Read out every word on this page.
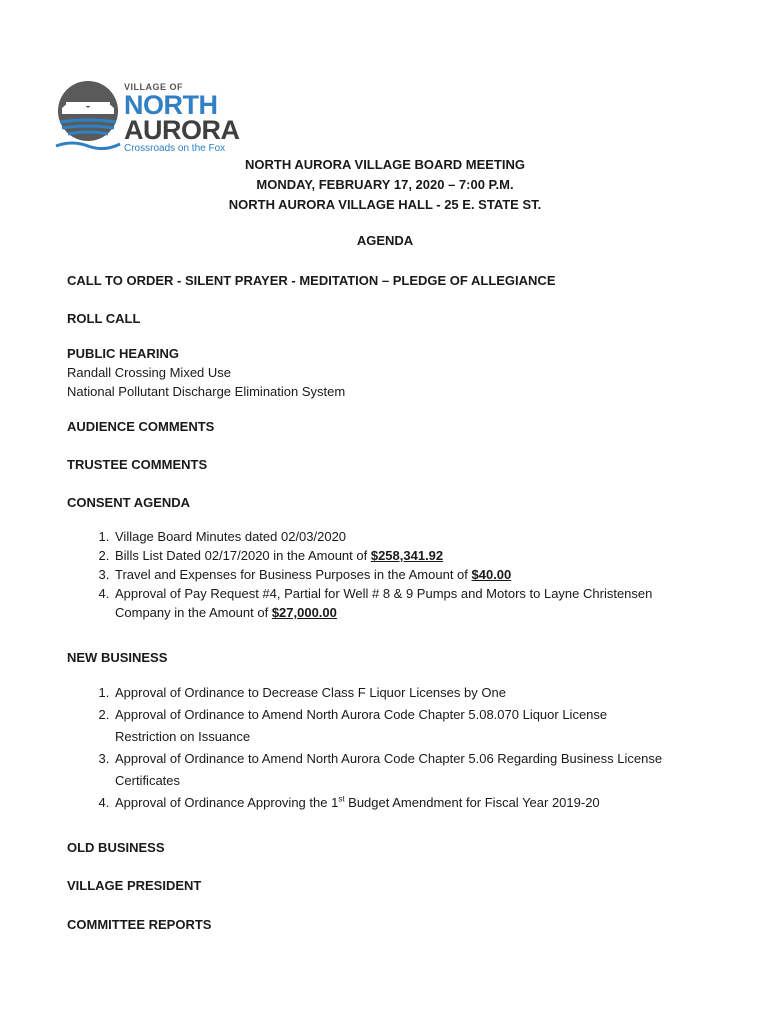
VILLAGE OF
NORTH
AURORA
Crossroads on the Fox
NORTH AURORA VILLAGE BOARD MEETING
MONDAY, FEBRUARY 17, 2020 – 7:00 P.M.
NORTH AURORA VILLAGE HALL - 25 E. STATE ST.
AGENDA
CALL TO ORDER - SILENT PRAYER - MEDITATION – PLEDGE OF ALLEGIANCE
ROLL CALL
PUBLIC HEARING
Randall Crossing Mixed Use
National Pollutant Discharge Elimination System
AUDIENCE COMMENTS
TRUSTEE COMMENTS
CONSENT AGENDA
1. Village Board Minutes dated 02/03/2020
2. Bills List Dated 02/17/2020 in the Amount of $258,341.92
3. Travel and Expenses for Business Purposes in the Amount of $40.00
4. Approval of Pay Request #4, Partial for Well # 8 & 9 Pumps and Motors to Layne Christensen Company in the Amount of $27,000.00
NEW BUSINESS
1. Approval of Ordinance to Decrease Class F Liquor Licenses by One
2. Approval of Ordinance to Amend North Aurora Code Chapter 5.08.070 Liquor License Restriction on Issuance
3. Approval of Ordinance to Amend North Aurora Code Chapter 5.06 Regarding Business License Certificates
4. Approval of Ordinance Approving the 1st Budget Amendment for Fiscal Year 2019-20
OLD BUSINESS
VILLAGE PRESIDENT
COMMITTEE REPORTS
